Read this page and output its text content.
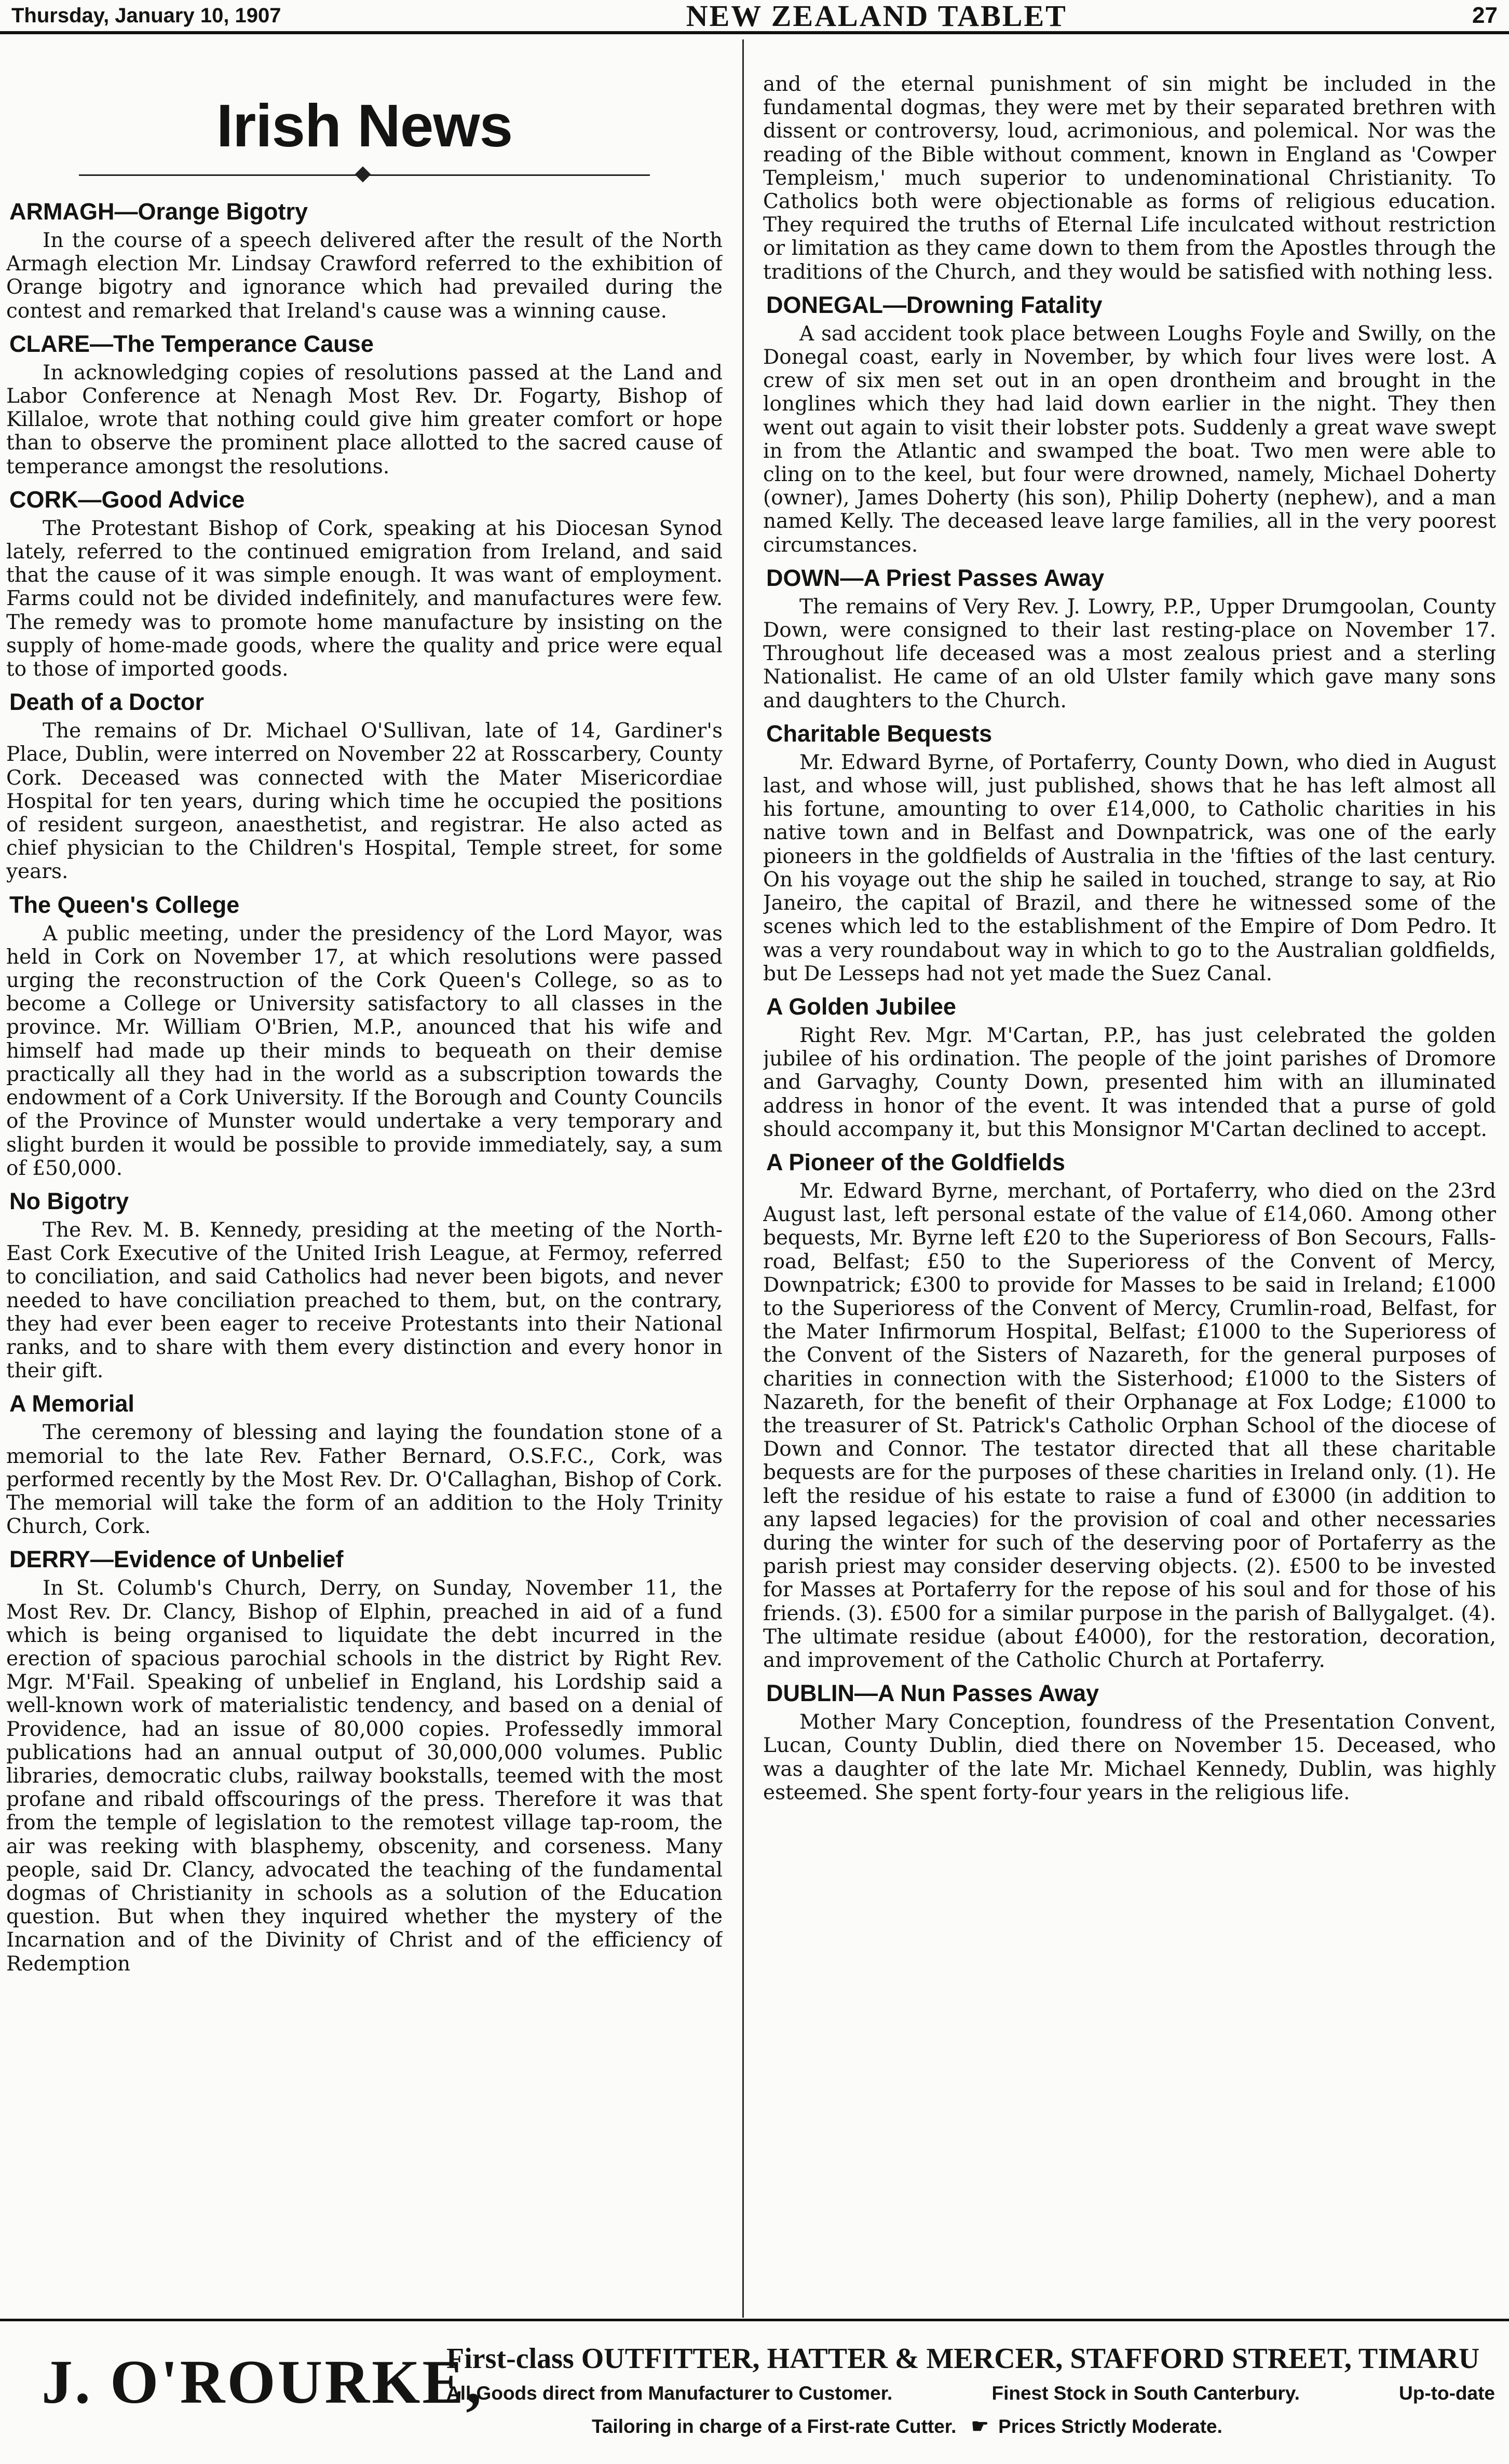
Thursday, January 10, 1907	NEW ZEALAND TABLET	27
Irish News
ARMAGH—Orange Bigotry

In the course of a speech delivered after the result of the North Armagh election Mr. Lindsay Crawford referred to the exhibition of Orange bigotry and ignorance which had prevailed during the contest and remarked that Ireland's cause was a winning cause.

CLARE—The Temperance Cause

In acknowledging copies of resolutions passed at the Land and Labor Conference at Nenagh Most Rev. Dr. Fogarty, Bishop of Killaloe, wrote that nothing could give him greater comfort or hope than to observe the prominent place allotted to the sacred cause of temperance amongst the resolutions.

CORK—Good Advice

The Protestant Bishop of Cork, speaking at his Diocesan Synod lately, referred to the continued emigration from Ireland, and said that the cause of it was simple enough. It was want of employment. Farms could not be divided indefinitely, and manufactures were few. The remedy was to promote home manufacture by insisting on the supply of home-made goods, where the quality and price were equal to those of imported goods.

Death of a Doctor

The remains of Dr. Michael O'Sullivan, late of 14, Gardiner's Place, Dublin, were interred on November 22 at Rosscarbery, County Cork. Deceased was connected with the Mater Misericordiae Hospital for ten years, during which time he occupied the positions of resident surgeon, anaesthetist, and registrar. He also acted as chief physician to the Children's Hospital, Temple street, for some years.

The Queen's College

A public meeting, under the presidency of the Lord Mayor, was held in Cork on November 17, at which resolutions were passed urging the reconstruction of the Cork Queen's College, so as to become a College or University satisfactory to all classes in the province. Mr. William O'Brien, M.P., anounced that his wife and himself had made up their minds to bequeath on their demise practically all they had in the world as a subscription towards the endowment of a Cork University. If the Borough and County Councils of the Province of Munster would undertake a very temporary and slight burden it would be possible to provide immediately, say, a sum of £50,000.

No Bigotry

The Rev. M. B. Kennedy, presiding at the meeting of the North-East Cork Executive of the United Irish League, at Fermoy, referred to conciliation, and said Catholics had never been bigots, and never needed to have conciliation preached to them, but, on the contrary, they had ever been eager to receive Protestants into their National ranks, and to share with them every distinction and every honor in their gift.

A Memorial

The ceremony of blessing and laying the foundation stone of a memorial to the late Rev. Father Bernard, O.S.F.C., Cork, was performed recently by the Most Rev. Dr. O'Callaghan, Bishop of Cork. The memorial will take the form of an addition to the Holy Trinity Church, Cork.

DERRY—Evidence of Unbelief

In St. Columb's Church, Derry, on Sunday, November 11, the Most Rev. Dr. Clancy, Bishop of Elphin, preached in aid of a fund which is being organised to liquidate the debt incurred in the erection of spacious parochial schools in the district by Right Rev. Mgr. M'Fail. Speaking of unbelief in England, his Lordship said a well-known work of materialistic tendency, and based on a denial of Providence, had an issue of 80,000 copies. Professedly immoral publications had an annual output of 30,000,000 volumes. Public libraries, democratic clubs, railway bookstalls, teemed with the most profane and ribald offscourings of the press. Therefore it was that from the temple of legislation to the remotest village tap-room, the air was reeking with blasphemy, obscenity, and corseness. Many people, said Dr. Clancy, advocated the teaching of the fundamental dogmas of Christianity in schools as a solution of the Education question. But when they inquired whether the mystery of the Incarnation and of the Divinity of Christ and of the efficiency of Redemption

and of the eternal punishment of sin might be included in the fundamental dogmas, they were met by their separated brethren with dissent or controversy, loud, acrimonious, and polemical. Nor was the reading of the Bible without comment, known in England as 'Cowper Templeism,' much superior to undenominational Christianity. To Catholics both were objectionable as forms of religious education. They required the truths of Eternal Life inculcated without restriction or limitation as they came down to them from the Apostles through the traditions of the Church, and they would be satisfied with nothing less.

DONEGAL—Drowning Fatality

A sad accident took place between Loughs Foyle and Swilly, on the Donegal coast, early in November, by which four lives were lost. A crew of six men set out in an open drontheim and brought in the longlines which they had laid down earlier in the night. They then went out again to visit their lobster pots. Suddenly a great wave swept in from the Atlantic and swamped the boat. Two men were able to cling on to the keel, but four were drowned, namely, Michael Doherty (owner), James Doherty (his son), Philip Doherty (nephew), and a man named Kelly. The deceased leave large families, all in the very poorest circumstances.

DOWN—A Priest Passes Away

The remains of Very Rev. J. Lowry, P.P., Upper Drumgoolan, County Down, were consigned to their last resting-place on November 17. Throughout life deceased was a most zealous priest and a sterling Nationalist. He came of an old Ulster family which gave many sons and daughters to the Church.

Charitable Bequests

Mr. Edward Byrne, of Portaferry, County Down, who died in August last, and whose will, just published, shows that he has left almost all his fortune, amounting to over £14,000, to Catholic charities in his native town and in Belfast and Downpatrick, was one of the early pioneers in the goldfields of Australia in the 'fifties of the last century. On his voyage out the ship he sailed in touched, strange to say, at Rio Janeiro, the capital of Brazil, and there he witnessed some of the scenes which led to the establishment of the Empire of Dom Pedro. It was a very roundabout way in which to go to the Australian goldfields, but De Lesseps had not yet made the Suez Canal.

A Golden Jubilee

Right Rev. Mgr. M'Cartan, P.P., has just celebrated the golden jubilee of his ordination. The people of the joint parishes of Dromore and Garvaghy, County Down, presented him with an illuminated address in honor of the event. It was intended that a purse of gold should accompany it, but this Monsignor M'Cartan declined to accept.

A Pioneer of the Goldfields

Mr. Edward Byrne, merchant, of Portaferry, who died on the 23rd August last, left personal estate of the value of £14,060. Among other bequests, Mr. Byrne left £20 to the Superioress of Bon Secours, Falls-road, Belfast; £50 to the Superioress of the Convent of Mercy, Downpatrick; £300 to provide for Masses to be said in Ireland; £1000 to the Superioress of the Convent of Mercy, Crumlin-road, Belfast, for the Mater Infirmorum Hospital, Belfast; £1000 to the Superioress of the Convent of the Sisters of Nazareth, for the general purposes of charities in connection with the Sisterhood; £1000 to the Sisters of Nazareth, for the benefit of their Orphanage at Fox Lodge; £1000 to the treasurer of St. Patrick's Catholic Orphan School of the diocese of Down and Connor. The testator directed that all these charitable bequests are for the purposes of these charities in Ireland only. (1). He left the residue of his estate to raise a fund of £3000 (in addition to any lapsed legacies) for the provision of coal and other necessaries during the winter for such of the deserving poor of Portaferry as the parish priest may consider deserving objects. (2). £500 to be invested for Masses at Portaferry for the repose of his soul and for those of his friends. (3). £500 for a similar purpose in the parish of Ballygalget. (4). The ultimate residue (about £4000), for the restoration, decoration, and improvement of the Catholic Church at Portaferry.

DUBLIN—A Nun Passes Away

Mother Mary Conception, foundress of the Presentation Convent, Lucan, County Dublin, died there on November 15. Deceased, who was a daughter of the late Mr. Michael Kennedy, Dublin, was highly esteemed. She spent forty-four years in the religious life.

J. O'ROURKE,
First-class OUTFITTER, HATTER & MERCER, STAFFORD STREET, TIMARU
All Goods direct from Manufacturer to Customer.	Finest Stock in South Canterbury.	Up-to-date
Tailoring in charge of a First-rate Cutter. ☛ Prices Strictly Moderate.
